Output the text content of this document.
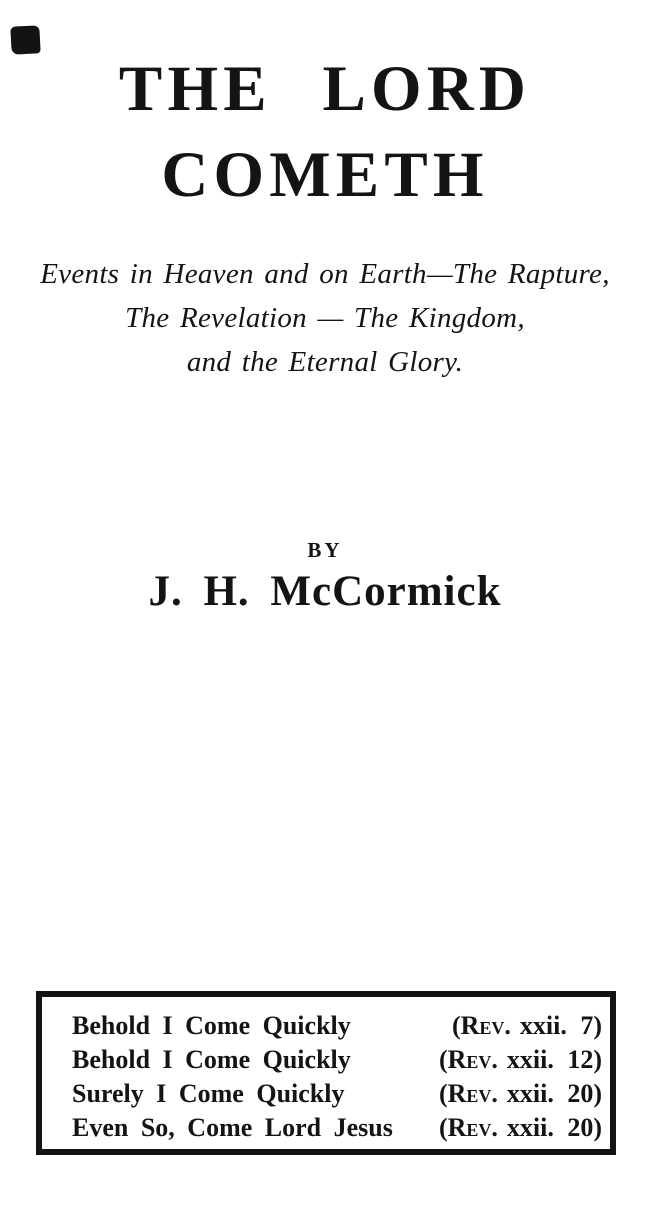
THE LORD
COMETH
Events in Heaven and on Earth—The Rapture,
The Revelation — The Kingdom,
and the Eternal Glory.
BY
J. H. McCormick
Behold I Come Quickly	(Rev. xxii. 7)
Behold I Come Quickly	(Rev. xxii. 12)
Surely I Come Quickly	(Rev. xxii. 20)
Even So, Come Lord Jesus (Rev. xxii. 20)
